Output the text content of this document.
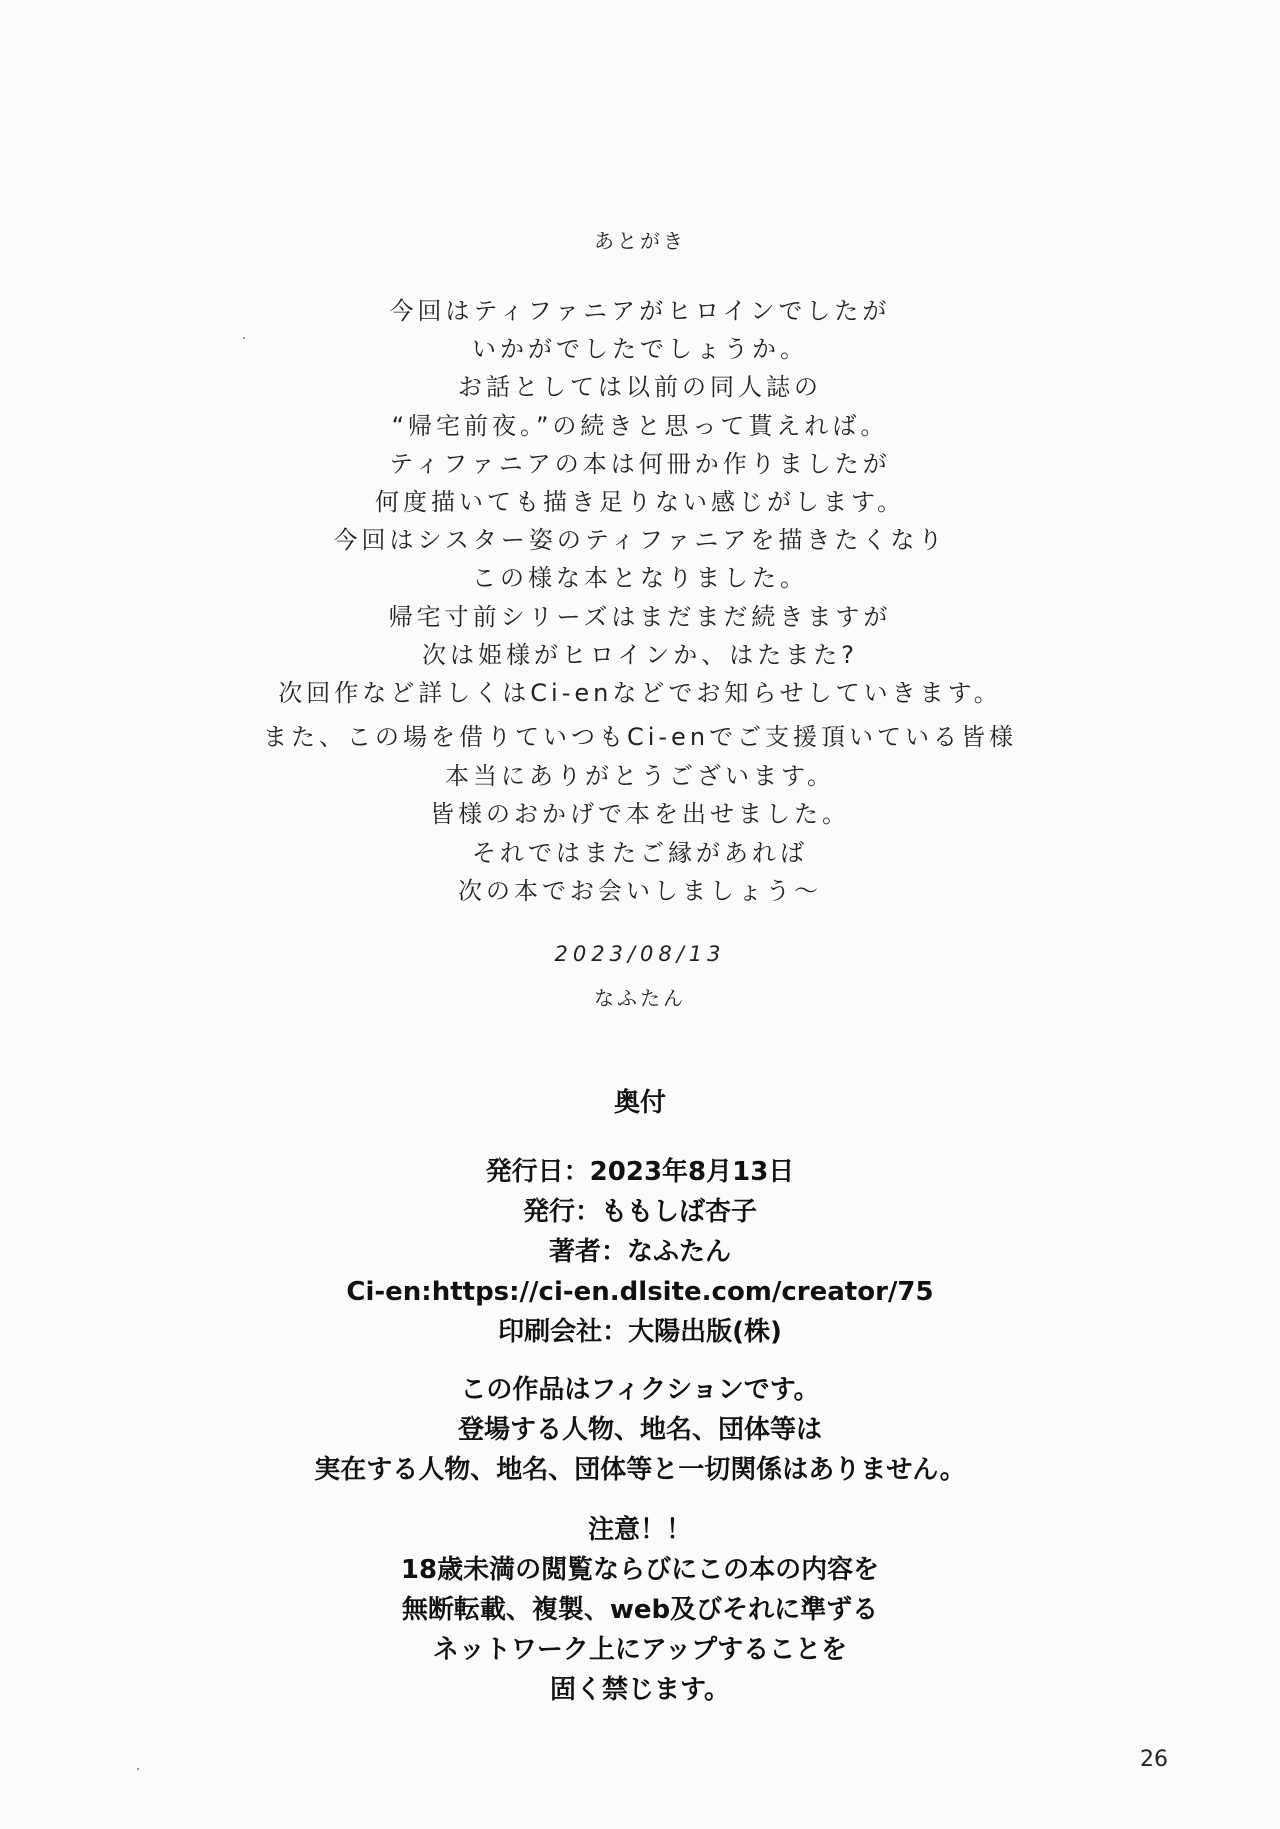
あとがき
今回はティファニアがヒロインでしたが
いかがでしたでしょうか。
お話としては以前の同人誌の
“帰宅前夜。”の続きと思って貰えれば。
ティファニアの本は何冊か作りましたが
何度描いても描き足りない感じがします。
今回はシスター姿のティファニアを描きたくなり
この様な本となりました。
帰宅寸前シリーズはまだまだ続きますが
次は姫様がヒロインか、はたまた?
次回作など詳しくはCi-enなどでお知らせしていきます。
また、この場を借りていつもCi-enでご支援頂いている皆様
本当にありがとうございます。
皆様のおかげで本を出せました。
それではまたご縁があれば
次の本でお会いしましょう～
2023/08/13
なふたん
奥付
発行日：2023年8月13日
発行：ももしば杏子
著者：なふたん
Ci-en:https://ci-en.dlsite.com/creator/75
印刷会社：大陽出版(株)
この作品はフィクションです。
登場する人物、地名、団体等は
実在する人物、地名、団体等と一切関係はありません。
注意！！
18歳未満の閲覧ならびにこの本の内容を
無断転載、複製、web及びそれに準ずる
ネットワーク上にアップすることを
固く禁じます。
26
